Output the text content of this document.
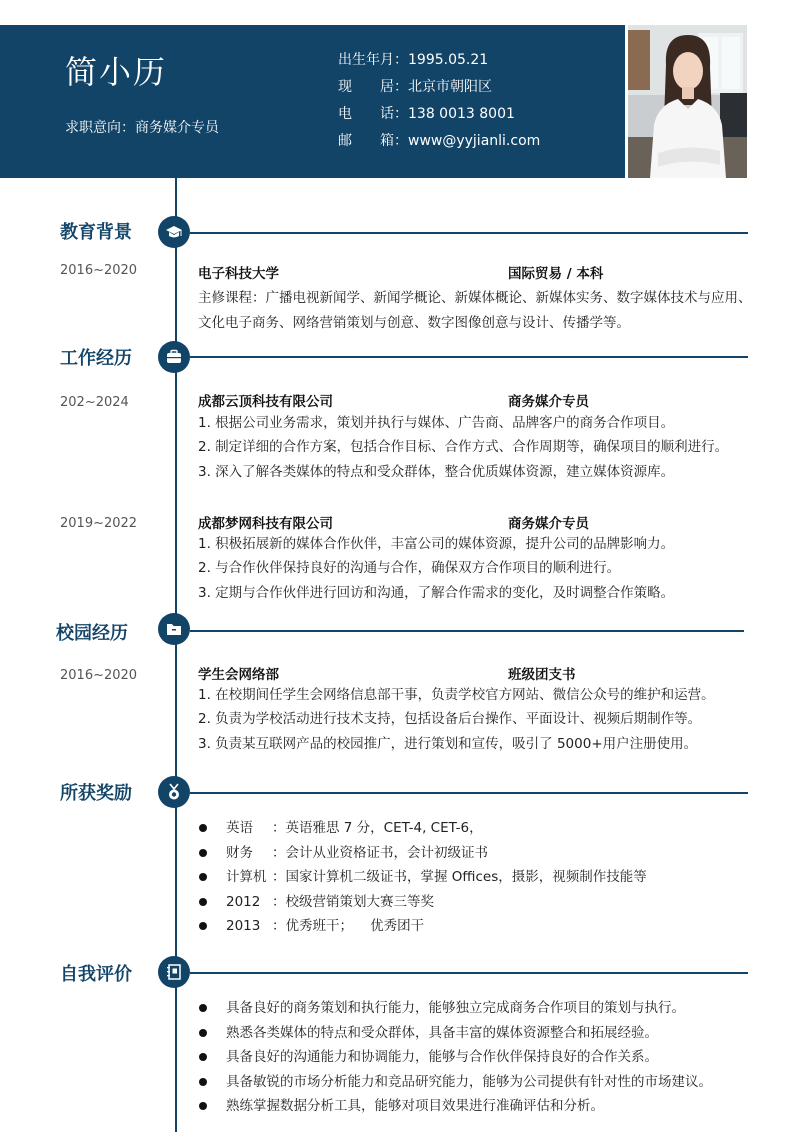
简小历
求职意向：商务媒介专员
出 生 年 月 ： 1995.05.21
现 居 ： 北京市朝阳区
电 话 ： 138 0013 8001
邮 箱 ： www@yyjianli.com
教育背景
2016~2020	电子科技大学	国际贸易 / 本科
主修课程：广播电视新闻学、新闻学概论、新媒体概论、新媒体实务、数字媒体技术与应用、文化电子商务、网络营销策划与创意、数字图像创意与设计、传播学等。
工作经历
202~2024	成都云顶科技有限公司	商务媒介专员
1. 根据公司业务需求，策划并执行与媒体、广告商、品牌客户的商务合作项目。
2. 制定详细的合作方案，包括合作目标、合作方式、合作周期等，确保项目的顺利进行。
3. 深入了解各类媒体的特点和受众群体，整合优质媒体资源，建立媒体资源库。
2019~2022	成都梦网科技有限公司	商务媒介专员
1. 积极拓展新的媒体合作伙伴，丰富公司的媒体资源，提升公司的品牌影响力。
2. 与合作伙伴保持良好的沟通与合作，确保双方合作项目的顺利进行。
3. 定期与合作伙伴进行回访和沟通，了解合作需求的变化，及时调整合作策略。
校园经历
2016~2020	学生会网络部	班级团支书
1. 在校期间任学生会网络信息部干事，负责学校官方网站、微信公众号的维护和运营。
2. 负责为学校活动进行技术支持，包括设备后台操作、平面设计、视频后期制作等。
3. 负责某互联网产品的校园推广，进行策划和宣传，吸引了 5000+用户注册使用。
所获奖励
英语 ：英语雅思 7 分，CET-4, CET-6，
财务 ：会计从业资格证书，会计初级证书
计算机 ：国家计算机二级证书，掌握 Offices，摄影，视频制作技能等
2012 ：校级营销策划大赛三等奖
2013 ：优秀班干；    优秀团干
自我评价
具备良好的商务策划和执行能力，能够独立完成商务合作项目的策划与执行。
熟悉各类媒体的特点和受众群体，具备丰富的媒体资源整合和拓展经验。
具备良好的沟通能力和协调能力，能够与合作伙伴保持良好的合作关系。
具备敏锐的市场分析能力和竞品研究能力，能够为公司提供有针对性的市场建议。
熟练掌握数据分析工具，能够对项目效果进行准确评估和分析。
